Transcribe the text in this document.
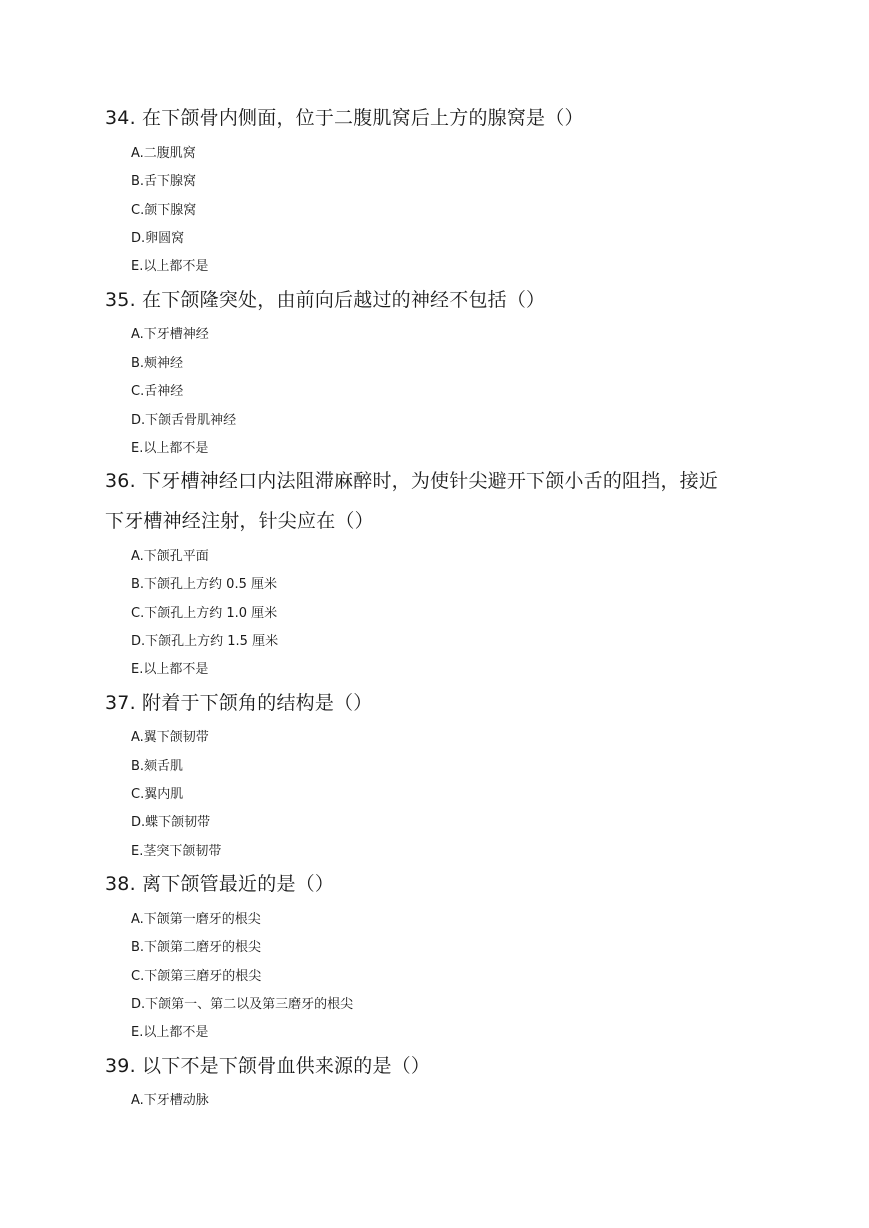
34. 在下颌骨内侧面，位于二腹肌窝后上方的腺窝是（）
A.二腹肌窝
B.舌下腺窝
C.颌下腺窝
D.卵圆窝
E.以上都不是
35. 在下颌隆突处，由前向后越过的神经不包括（）
A.下牙槽神经
B.颊神经
C.舌神经
D.下颌舌骨肌神经
E.以上都不是
36. 下牙槽神经口内法阻滞麻醉时，为使针尖避开下颌小舌的阻挡，接近
下牙槽神经注射，针尖应在（）
A.下颌孔平面
B.下颌孔上方约 0.5 厘米
C.下颌孔上方约 1.0 厘米
D.下颌孔上方约 1.5 厘米
E.以上都不是
37. 附着于下颌角的结构是（）
A.翼下颌韧带
B.颏舌肌
C.翼内肌
D.蝶下颌韧带
E.茎突下颌韧带
38. 离下颌管最近的是（）
A.下颌第一磨牙的根尖
B.下颌第二磨牙的根尖
C.下颌第三磨牙的根尖
D.下颌第一、第二以及第三磨牙的根尖
E.以上都不是
39. 以下不是下颌骨血供来源的是（）
A.下牙槽动脉
